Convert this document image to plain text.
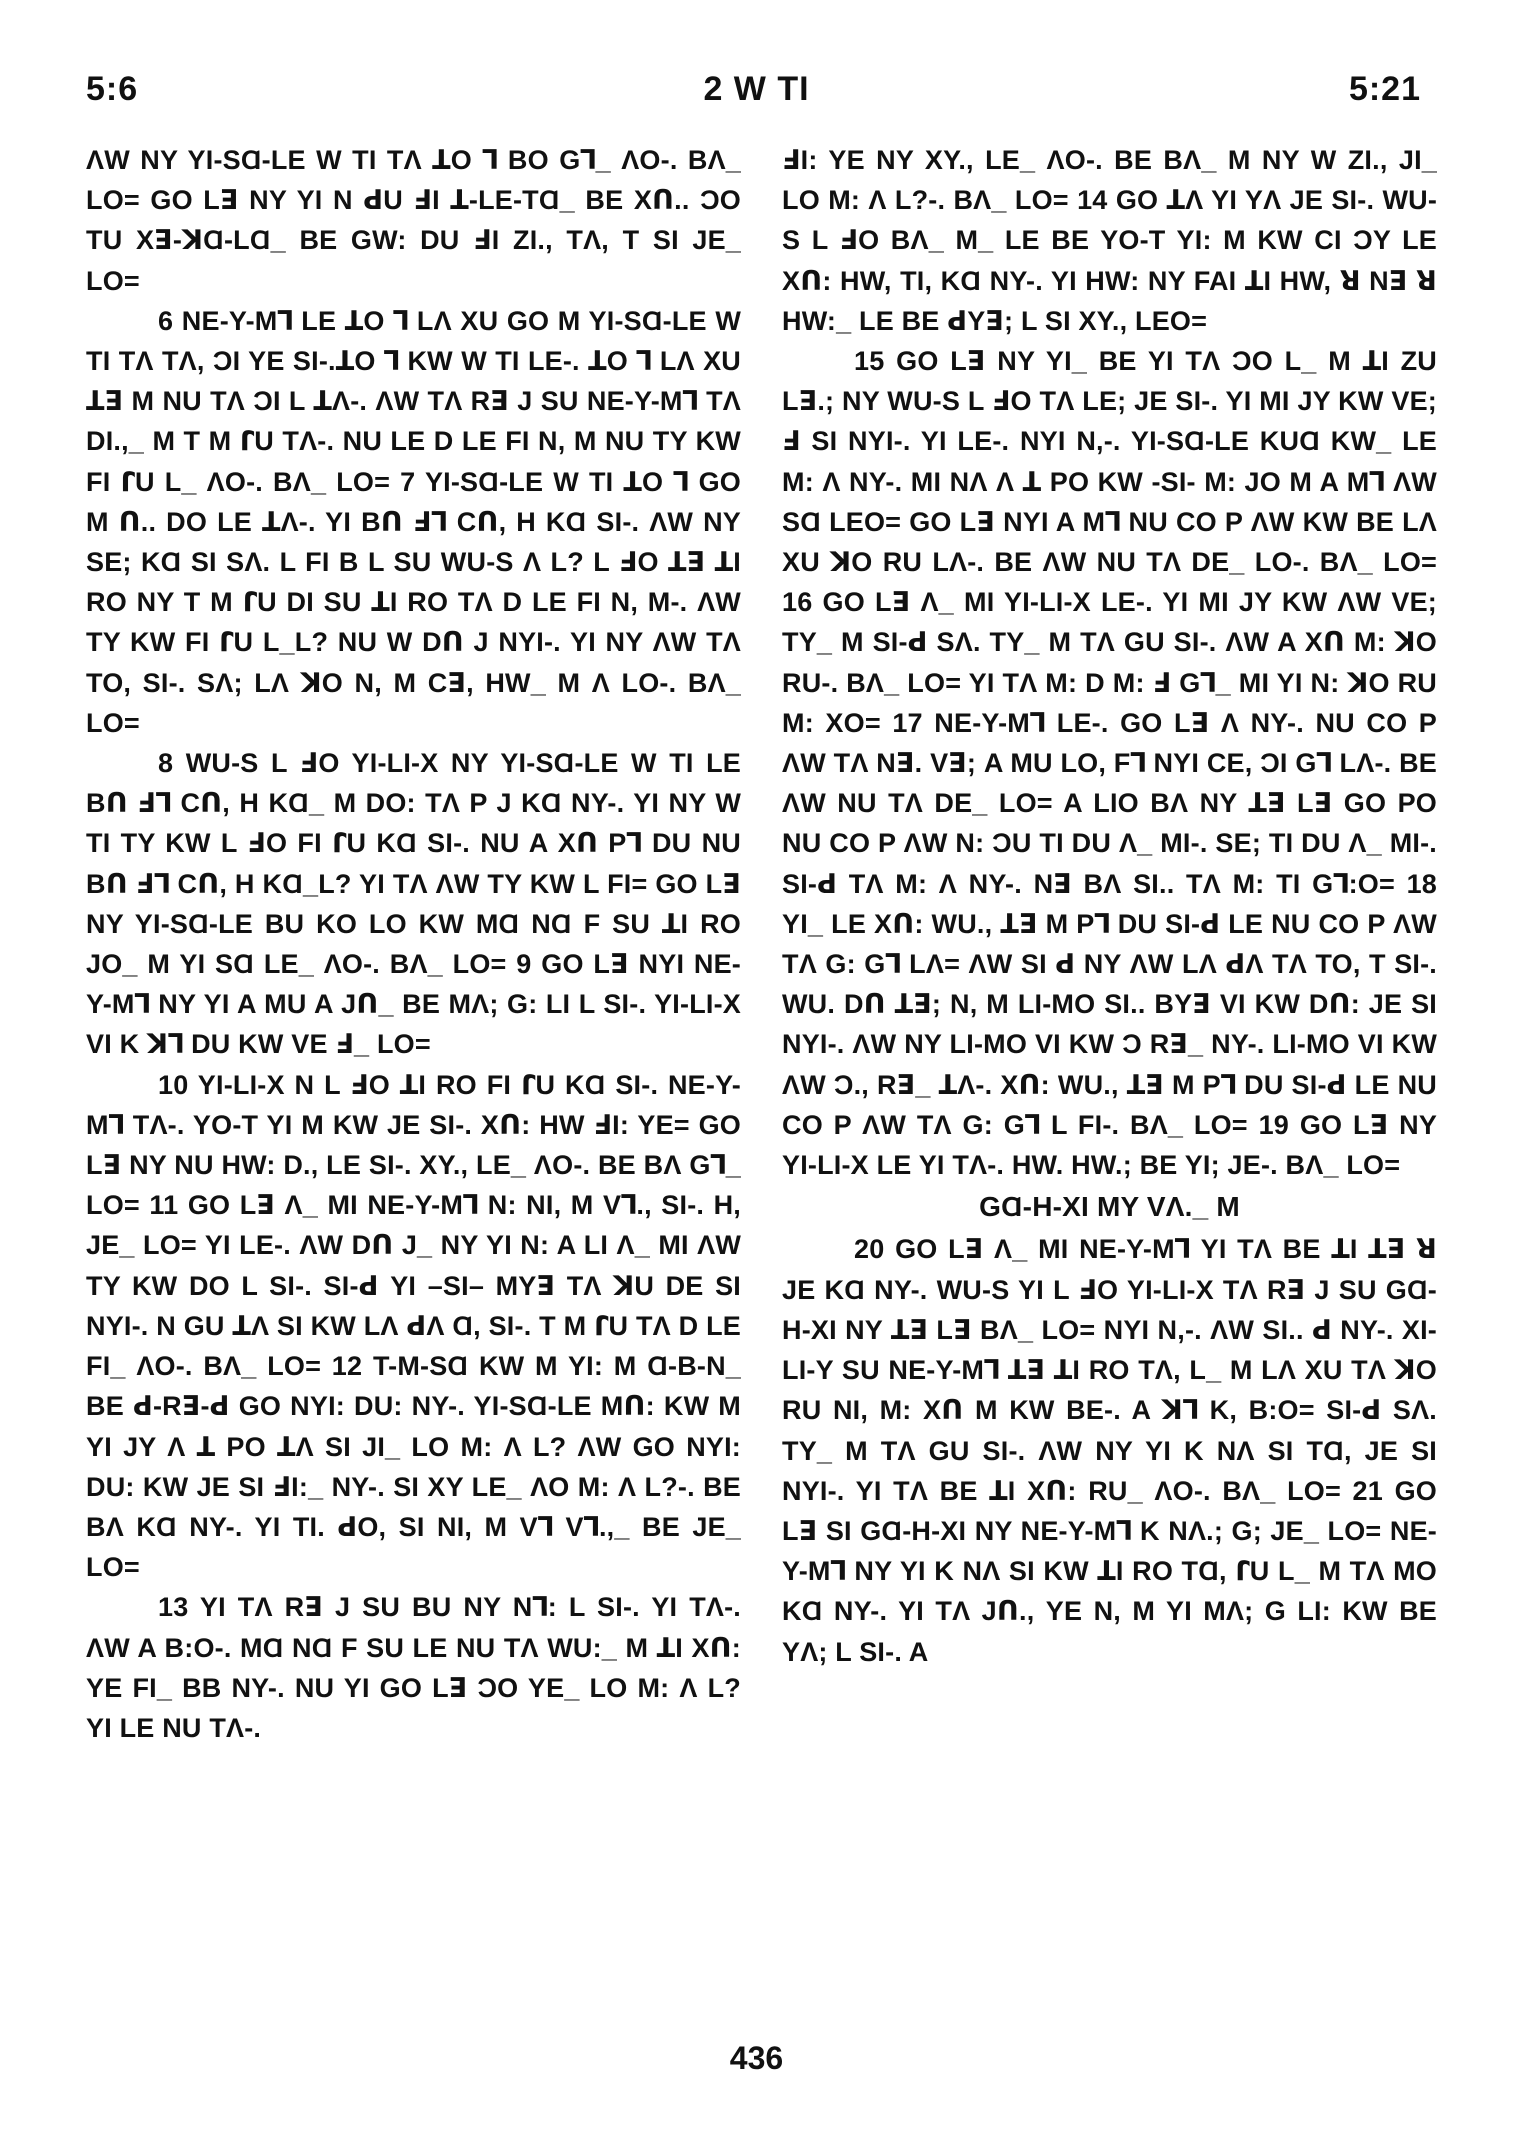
5:6	2 W TI	5:21

ɅW NY YI-SⱭ-LE W TI TɅ ꓕO ꓶ BO Gꓶ_ ɅO-. BɅ_ LO= GO Lꓱ NY YI N ꓒU ꓞI ꓕ-LE-TⱭ_ BE Xꓵ.. ƆO TU Xꓱ-ꓘⱭ-LⱭ_ BE GW: DU ꓞI ZI., TɅ, T SI JE_ LO=

6 NE-Y-Mꓶ LE ꓕO ꓶ LɅ XU GO M YI-SⱭ-LE W TI TɅ TɅ, ƆI YE SI-.ꓕO ꓶ KW W TI LE-. ꓕO ꓶ LɅ XU ꓕꓱ M NU TɅ ƆI L ꓕɅ-. ɅW TɅ Rꓱ J SU NE-Y-Mꓶ TɅ DI.,_ M T M ꓩU TɅ-. NU LE D LE FI N, M NU TY KW FI ꓩU L_ ɅO-. BɅ_ LO= 7 YI-SⱭ-LE W TI ꓕO ꓶ GO M ꓵ.. DO LE ꓕɅ-. YI Bꓵ ꓞꓶ Cꓵ, H KⱭ SI-. ɅW NY SE; KⱭ SI SɅ. L FI B L SU WU-S Ʌ L? L ꓞO ꓕꓱ ꓕI RO NY T M ꓩU DI SU ꓕI RO TɅ D LE FI N, M-. ɅW TY KW FI ꓩU L_L? NU W Dꓵ J NYI-. YI NY ɅW TɅ TO, SI-. SɅ; LɅ ꓘO N, M Cꓱ, HW_ M Ʌ LO-. BɅ_ LO=

8 WU-S L ꓞO YI-LI-X NY YI-SⱭ-LE W TI LE Bꓵ ꓞꓶ Cꓵ, H KⱭ_ M DO: TɅ P J KⱭ NY-. YI NY W TI TY KW L ꓞO FI ꓩU KⱭ SI-. NU A Xꓵ Pꓶ DU NU Bꓵ ꓞꓶ Cꓵ, H KⱭ_L? YI TɅ ɅW TY KW L FI= GO Lꓱ NY YI-SⱭ-LE BU KO LO KW MⱭ NⱭ F SU ꓕI RO JO_ M YI SⱭ LE_ ɅO-. BɅ_ LO= 9 GO Lꓱ NYI NE-Y-Mꓶ NY YI A MU A Jꓵ_ BE MɅ; G: LI L SI-. YI-LI-X VI K ꓘꓶ DU KW VE ꓞ_ LO=

10 YI-LI-X N L ꓞO ꓕI RO FI ꓩU KⱭ SI-. NE-Y-Mꓶ TɅ-. YO-T YI M KW JE SI-. Xꓵ: HW ꓞI: YE= GO Lꓱ NY NU HW: D., LE SI-. XY., LE_ ɅO-. BE BɅ Gꓶ_ LO= 11 GO Lꓱ Ʌ_ MI NE-Y-Mꓶ N: NI, M Vꓶ., SI-. H, JE_ LO= YI LE-. ɅW Dꓵ J_ NY YI N: A LI Ʌ_ MI ɅW TY KW DO L SI-. SI-ꓒ YI –SI– MYꓱ TɅ ꓘU DE SI NYI-. N GU ꓕɅ SI KW LɅ ꓒɅ Ɑ, SI-. T M ꓩU TɅ D LE FI_ ɅO-. BɅ_ LO= 12 T-M-SⱭ KW M YI: M Ɑ-B-N_ BE ꓒ-Rꓱ-ꓒ GO NYI: DU: NY-. YI-SⱭ-LE Mꓵ: KW M YI JY Ʌ ꓕ PO ꓕɅ SI JI_ LO M: Ʌ L? ɅW GO NYI: DU: KW JE SI ꓞI:_ NY-. SI XY LE_ ɅO M: Ʌ L?-. BE BɅ KⱭ NY-. YI TI. ꓒO, SI NI, M Vꓶ Vꓶ.,_ BE JE_ LO=

13 YI TɅ Rꓱ J SU BU NY Nꓶ: L SI-. YI TɅ-. ɅW A B:O-. MⱭ NⱭ F SU LE NU TɅ WU:_ M ꓕI Xꓵ: YE FI_ BB NY-. NU YI GO Lꓱ ƆO YE_ LO M: Ʌ L? YI LE NU TɅ-.

ꓞI: YE NY XY., LE_ ɅO-. BE BɅ_ M NY W ZI., JI_ LO M: Ʌ L?-. BɅ_ LO= 14 GO ꓕɅ YI YɅ JE SI-. WU-S L ꓞO BɅ_ M_ LE BE YO-T YI: M KW CI ƆY LE Xꓵ: HW, TI, KⱭ NY-. YI HW: NY FAI ꓕI HW, ꓤ Nꓱ ꓤ HW:_ LE BE ꓒYꓱ; L SI XY., LEO=

15 GO Lꓱ NY YI_ BE YI TɅ ƆO L_ M ꓕI ZU Lꓱ.; NY WU-S L ꓞO TɅ LE; JE SI-. YI MI JY KW VE; ꓞ SI NYI-. YI LE-. NYI N,-. YI-SⱭ-LE KUⱭ KW_ LE M: Ʌ NY-. MI NɅ Ʌ ꓕ PO KW -SI- M: JO M A Mꓶ ɅW SⱭ LEO= GO Lꓱ NYI A Mꓶ NU CO P ɅW KW BE LɅ XU ꓘO RU LɅ-. BE ɅW NU TɅ DE_ LO-. BɅ_ LO= 16 GO Lꓱ Ʌ_ MI YI-LI-X LE-. YI MI JY KW ɅW VE; TY_ M SI-ꓒ SɅ. TY_ M TɅ GU SI-. ɅW A Xꓵ M: ꓘO RU-. BɅ_ LO= YI TɅ M: D M: ꓞ Gꓶ_ MI YI N: ꓘO RU M: XO= 17 NE-Y-Mꓶ LE-. GO Lꓱ Ʌ NY-. NU CO P ɅW TɅ Nꓱ. Vꓱ; A MU LO, Fꓶ NYI CE, ƆI Gꓶ LɅ-. BE ɅW NU TɅ DE_ LO= A LIO BɅ NY ꓕꓱ Lꓱ GO PO NU CO P ɅW N: ƆU TI DU Ʌ_ MI-. SE; TI DU Ʌ_ MI-. SI-ꓒ TɅ M: Ʌ NY-. Nꓱ BɅ SI.. TɅ M: TI Gꓶ:O= 18 YI_ LE Xꓵ: WU., ꓕꓱ M Pꓶ DU SI-ꓒ LE NU CO P ɅW TɅ G: Gꓶ LɅ= ɅW SI ꓒ NY ɅW LɅ ꓒɅ TɅ TO, T SI-. WU. Dꓵ ꓕꓱ; N, M LI-MO SI.. BYꓱ VI KW Dꓵ: JE SI NYI-. ɅW NY LI-MO VI KW Ɔ Rꓱ_ NY-. LI-MO VI KW ɅW Ɔ., Rꓱ_ ꓕɅ-. Xꓵ: WU., ꓕꓱ M Pꓶ DU SI-ꓒ LE NU CO P ɅW TɅ G: Gꓶ L FI-. BɅ_ LO= 19 GO Lꓱ NY YI-LI-X LE YI TɅ-. HW. HW.; BE YI; JE-. BɅ_ LO=

GⱭ-H-XI MY VɅ._ M

20 GO Lꓱ Ʌ_ MI NE-Y-Mꓶ YI TɅ BE ꓕI ꓕꓱ ꓤ JE KⱭ NY-. WU-S YI L ꓞO YI-LI-X TɅ Rꓱ J SU GⱭ-H-XI NY ꓕꓱ Lꓱ BɅ_ LO= NYI N,-. ɅW SI.. ꓒ NY-. XI-LI-Y SU NE-Y-Mꓶ ꓕꓱ ꓕI RO TɅ, L_ M LɅ XU TɅ ꓘO RU NI, M: Xꓵ M KW BE-. A ꓘꓶ K, B:O= SI-ꓒ SɅ. TY_ M TɅ GU SI-. ɅW NY YI K NɅ SI TⱭ, JE SI NYI-. YI TɅ BE ꓕI Xꓵ: RU_ ɅO-. BɅ_ LO= 21 GO Lꓱ SI GⱭ-H-XI NY NE-Y-Mꓶ K NɅ.; G; JE_ LO= NE-Y-Mꓶ NY YI K NɅ SI KW ꓕI RO TⱭ, ꓩU L_ M TɅ MO KⱭ NY-. YI TɅ Jꓵ., YE N, M YI MɅ; G LI: KW BE YɅ; L SI-. A

436
